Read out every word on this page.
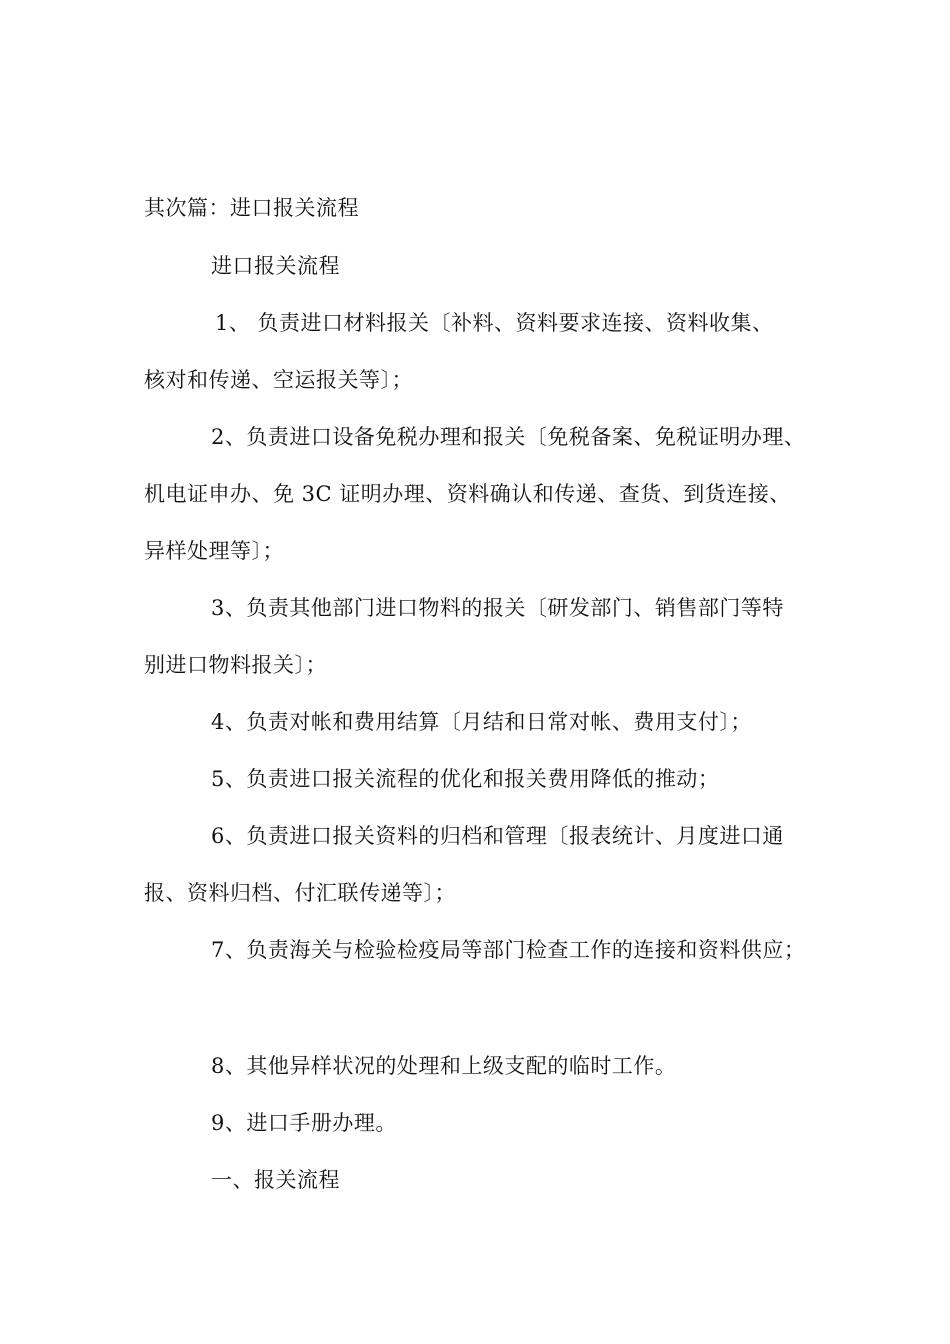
其次篇：进口报关流程
进口报关流程
1、 负责进口材料报关〔补料、资料要求连接、资料收集、
核对和传递、空运报关等〕；
2、负责进口设备免税办理和报关〔免税备案、免税证明办理、
机电证申办、免 3C 证明办理、资料确认和传递、查货、到货连接、
异样处理等〕；
3、负责其他部门进口物料的报关〔研发部门、销售部门等特
别进口物料报关〕；
4、负责对帐和费用结算〔月结和日常对帐、费用支付〕；
5、负责进口报关流程的优化和报关费用降低的推动；
6、负责进口报关资料的归档和管理〔报表统计、月度进口通
报、资料归档、付汇联传递等〕；
7、负责海关与检验检疫局等部门检查工作的连接和资料供应；
8、其他异样状况的处理和上级支配的临时工作。
9、进口手册办理。
一、报关流程
